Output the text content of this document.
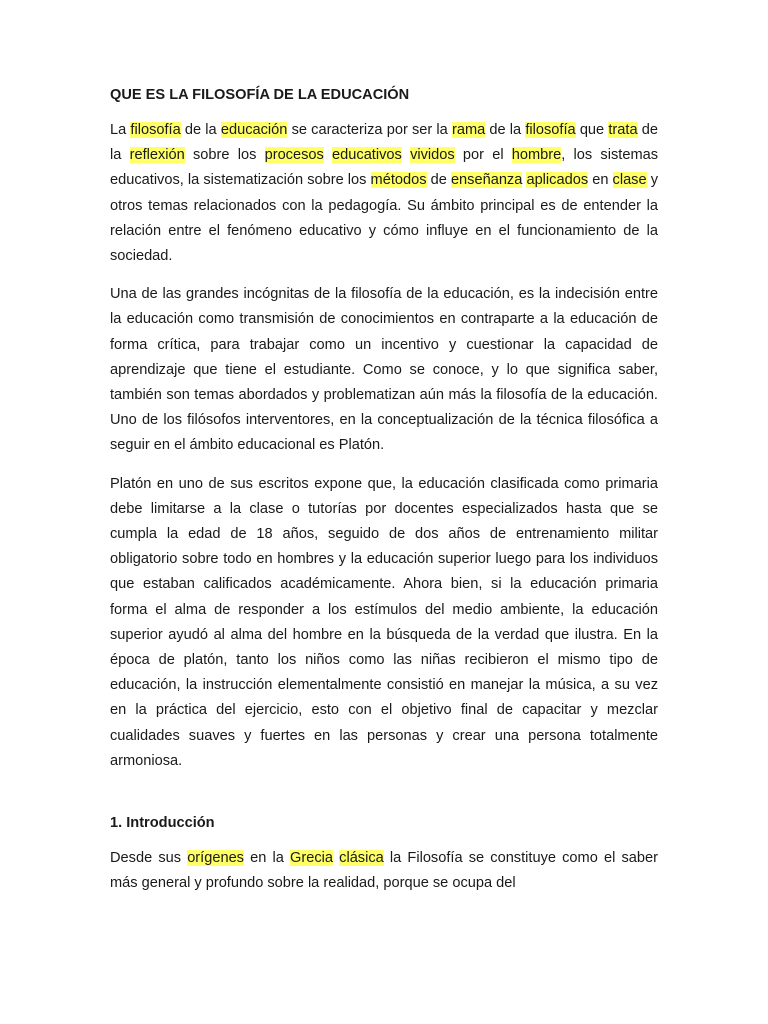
QUE ES LA FILOSOFÍA DE LA EDUCACIÓN

La filosofía de la educación se caracteriza por ser la rama de la filosofía que trata de la reflexión sobre los procesos educativos vividos por el hombre, los sistemas educativos, la sistematización sobre los métodos de enseñanza aplicados en clase y otros temas relacionados con la pedagogía. Su ámbito principal es de entender la relación entre el fenómeno educativo y cómo influye en el funcionamiento de la sociedad.

Una de las grandes incógnitas de la filosofía de la educación, es la indecisión entre la educación como transmisión de conocimientos en contraparte a la educación de forma crítica, para trabajar como un incentivo y cuestionar la capacidad de aprendizaje que tiene el estudiante. Como se conoce, y lo que significa saber, también son temas abordados y problematizan aún más la filosofía de la educación. Uno de los filósofos interventores, en la conceptualización de la técnica filosófica a seguir en el ámbito educacional es Platón.

Platón en uno de sus escritos expone que, la educación clasificada como primaria debe limitarse a la clase o tutorías por docentes especializados hasta que se cumpla la edad de 18 años, seguido de dos años de entrenamiento militar obligatorio sobre todo en hombres y la educación superior luego para los individuos que estaban calificados académicamente. Ahora bien, si la educación primaria forma el alma de responder a los estímulos del medio ambiente, la educación superior ayudó al alma del hombre en la búsqueda de la verdad que ilustra. En la época de platón, tanto los niños como las niñas recibieron el mismo tipo de educación, la instrucción elementalmente consistió en manejar la música, a su vez en la práctica del ejercicio, esto con el objetivo final de capacitar y mezclar cualidades suaves y fuertes en las personas y crear una persona totalmente armoniosa.

1. Introducción

Desde sus orígenes en la Grecia clásica la Filosofía se constituye como el saber más general y profundo sobre la realidad, porque se ocupa del
